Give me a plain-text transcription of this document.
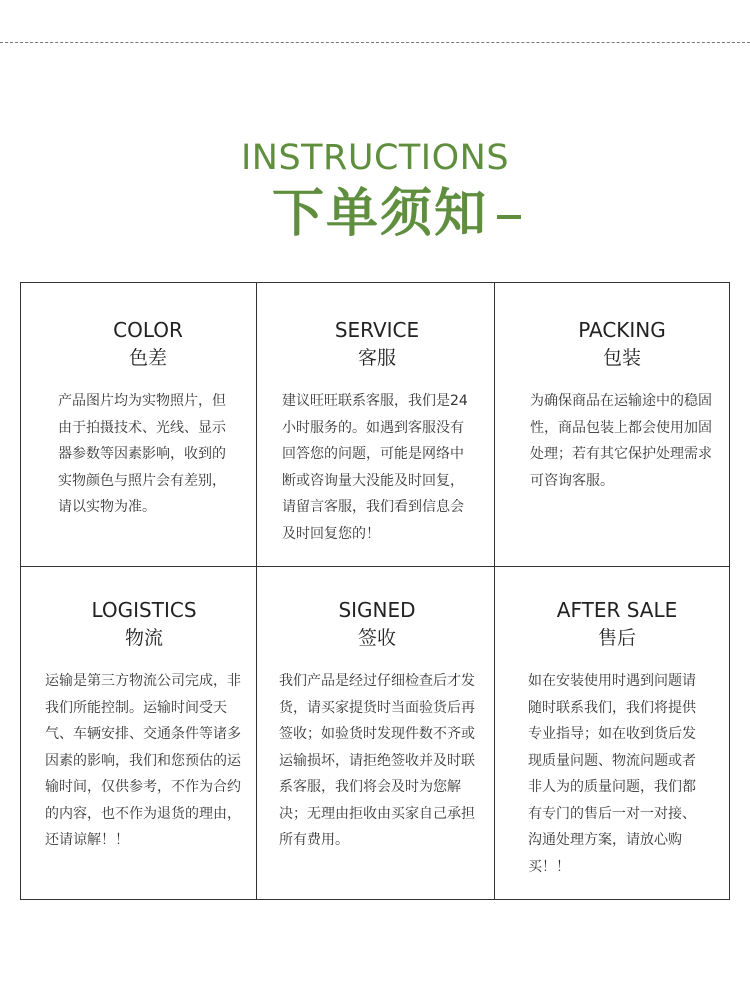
INSTRUCTIONS
下单须知
COLOR
色差
产品图片均为实物照片，但由于拍摄技术、光线、显示器参数等因素影响，收到的实物颜色与照片会有差别，请以实物为准。
SERVICE
客服
建议旺旺联系客服，我们是24小时服务的。如遇到客服没有回答您的问题，可能是网络中断或咨询量大没能及时回复，请留言客服，我们看到信息会及时回复您的！
PACKING
包装
为确保商品在运输途中的稳固性，商品包装上都会使用加固处理；若有其它保护处理需求可咨询客服。
LOGISTICS
物流
运输是第三方物流公司完成，非我们所能控制。运输时间受天气、车辆安排、交通条件等诸多因素的影响，我们和您预估的运输时间，仅供参考，不作为合约的内容，也不作为退货的理由，还请谅解！！
SIGNED
签收
我们产品是经过仔细检查后才发货，请买家提货时当面验货后再签收；如验货时发现件数不齐或运输损坏，请拒绝签收并及时联系客服，我们将会及时为您解决；无理由拒收由买家自己承担所有费用。
AFTER SALE
售后
如在安装使用时遇到问题请随时联系我们，我们将提供专业指导；如在收到货后发现质量问题、物流问题或者非人为的质量问题，我们都有专门的售后一对一对接、沟通处理方案，请放心购买！！
